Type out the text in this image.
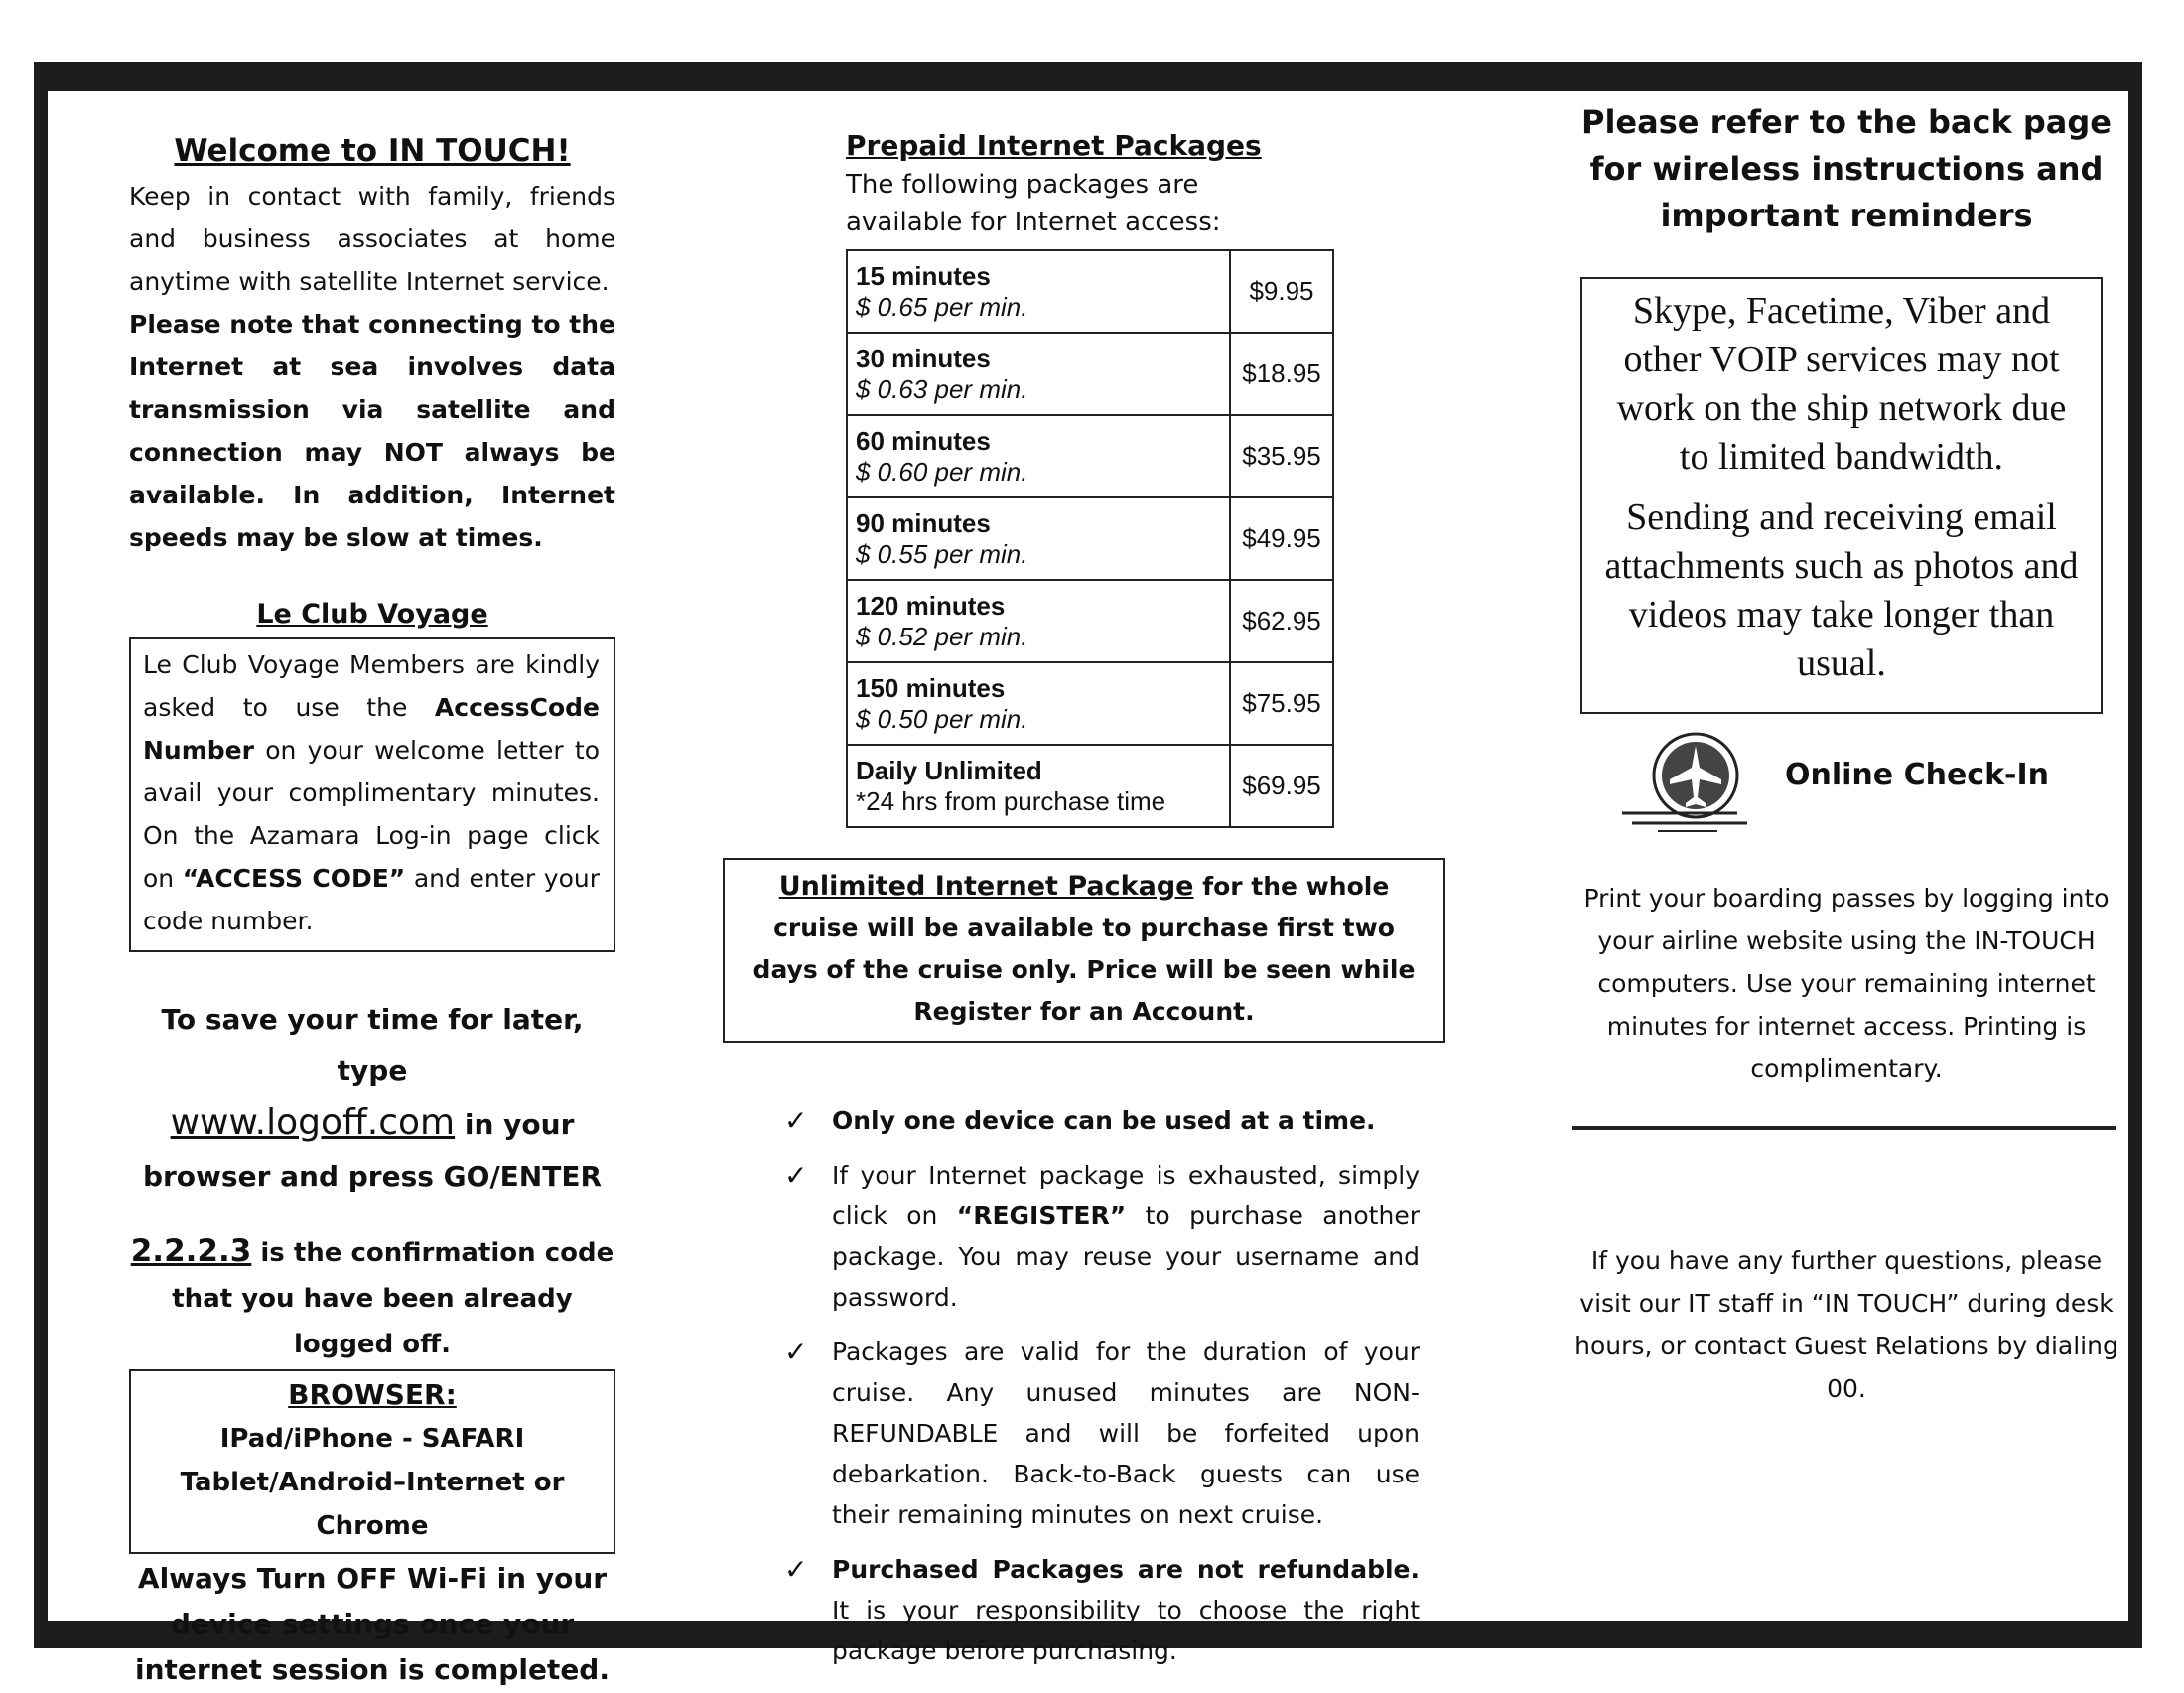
Welcome to IN TOUCH!

Keep in contact with family, friends and business associates at home anytime with satellite Internet service.

Please note that connecting to the Internet at sea involves data transmission via satellite and connection may NOT always be available. In addition, Internet speeds may be slow at times.

Le Club Voyage

Le Club Voyage Members are kindly asked to use the AccessCode Number on your welcome letter to avail your complimentary minutes. On the Azamara Log-in page click on “ACCESS CODE” and enter your code number.

To save your time for later, type
www.logoff.com in your
browser and press GO/ENTER
2.2.2.3 is the confirmation code that you have been already logged off.
BROWSER:
IPad/iPhone - SAFARI
Tablet/Android–Internet or Chrome
Always Turn OFF Wi-Fi in your device settings once your internet session is completed.
Prepaid Internet Packages
The following packages are available for Internet access:
15 minutes
$ 0.65 per min.	$9.95

30 minutes
$ 0.63 per min.	$18.95

60 minutes
$ 0.60 per min.	$35.95

90 minutes
$ 0.55 per min.	$49.95

120 minutes
$ 0.52 per min.	$62.95

150 minutes
$ 0.50 per min.	$75.95

Daily Unlimited
*24 hrs from purchase time	$69.95
Unlimited Internet Package for the whole cruise will be available to purchase first two days of the cruise only. Price will be seen while Register for an Account.
✓ Only one device can be used at a time.
✓ If your Internet package is exhausted, simply click on “REGISTER” to purchase another package. You may reuse your username and password.
✓ Packages are valid for the duration of your cruise. Any unused minutes are NON-REFUNDABLE and will be forfeited upon debarkation. Back-to-Back guests can use their remaining minutes on next cruise.
✓ Purchased Packages are not refundable. It is your responsibility to choose the right package before purchasing.

Please refer to the back page for wireless instructions and important reminders

Skype, Facetime, Viber and other VOIP services may not work on the ship network due to limited bandwidth.

Sending and receiving email attachments such as photos and videos may take longer than usual.

Online Check-In
Print your boarding passes by logging into your airline website using the IN-TOUCH computers. Use your remaining internet minutes for internet access. Printing is complimentary.
If you have any further questions, please visit our IT staff in “IN TOUCH” during desk hours, or contact Guest Relations by dialing 00.
